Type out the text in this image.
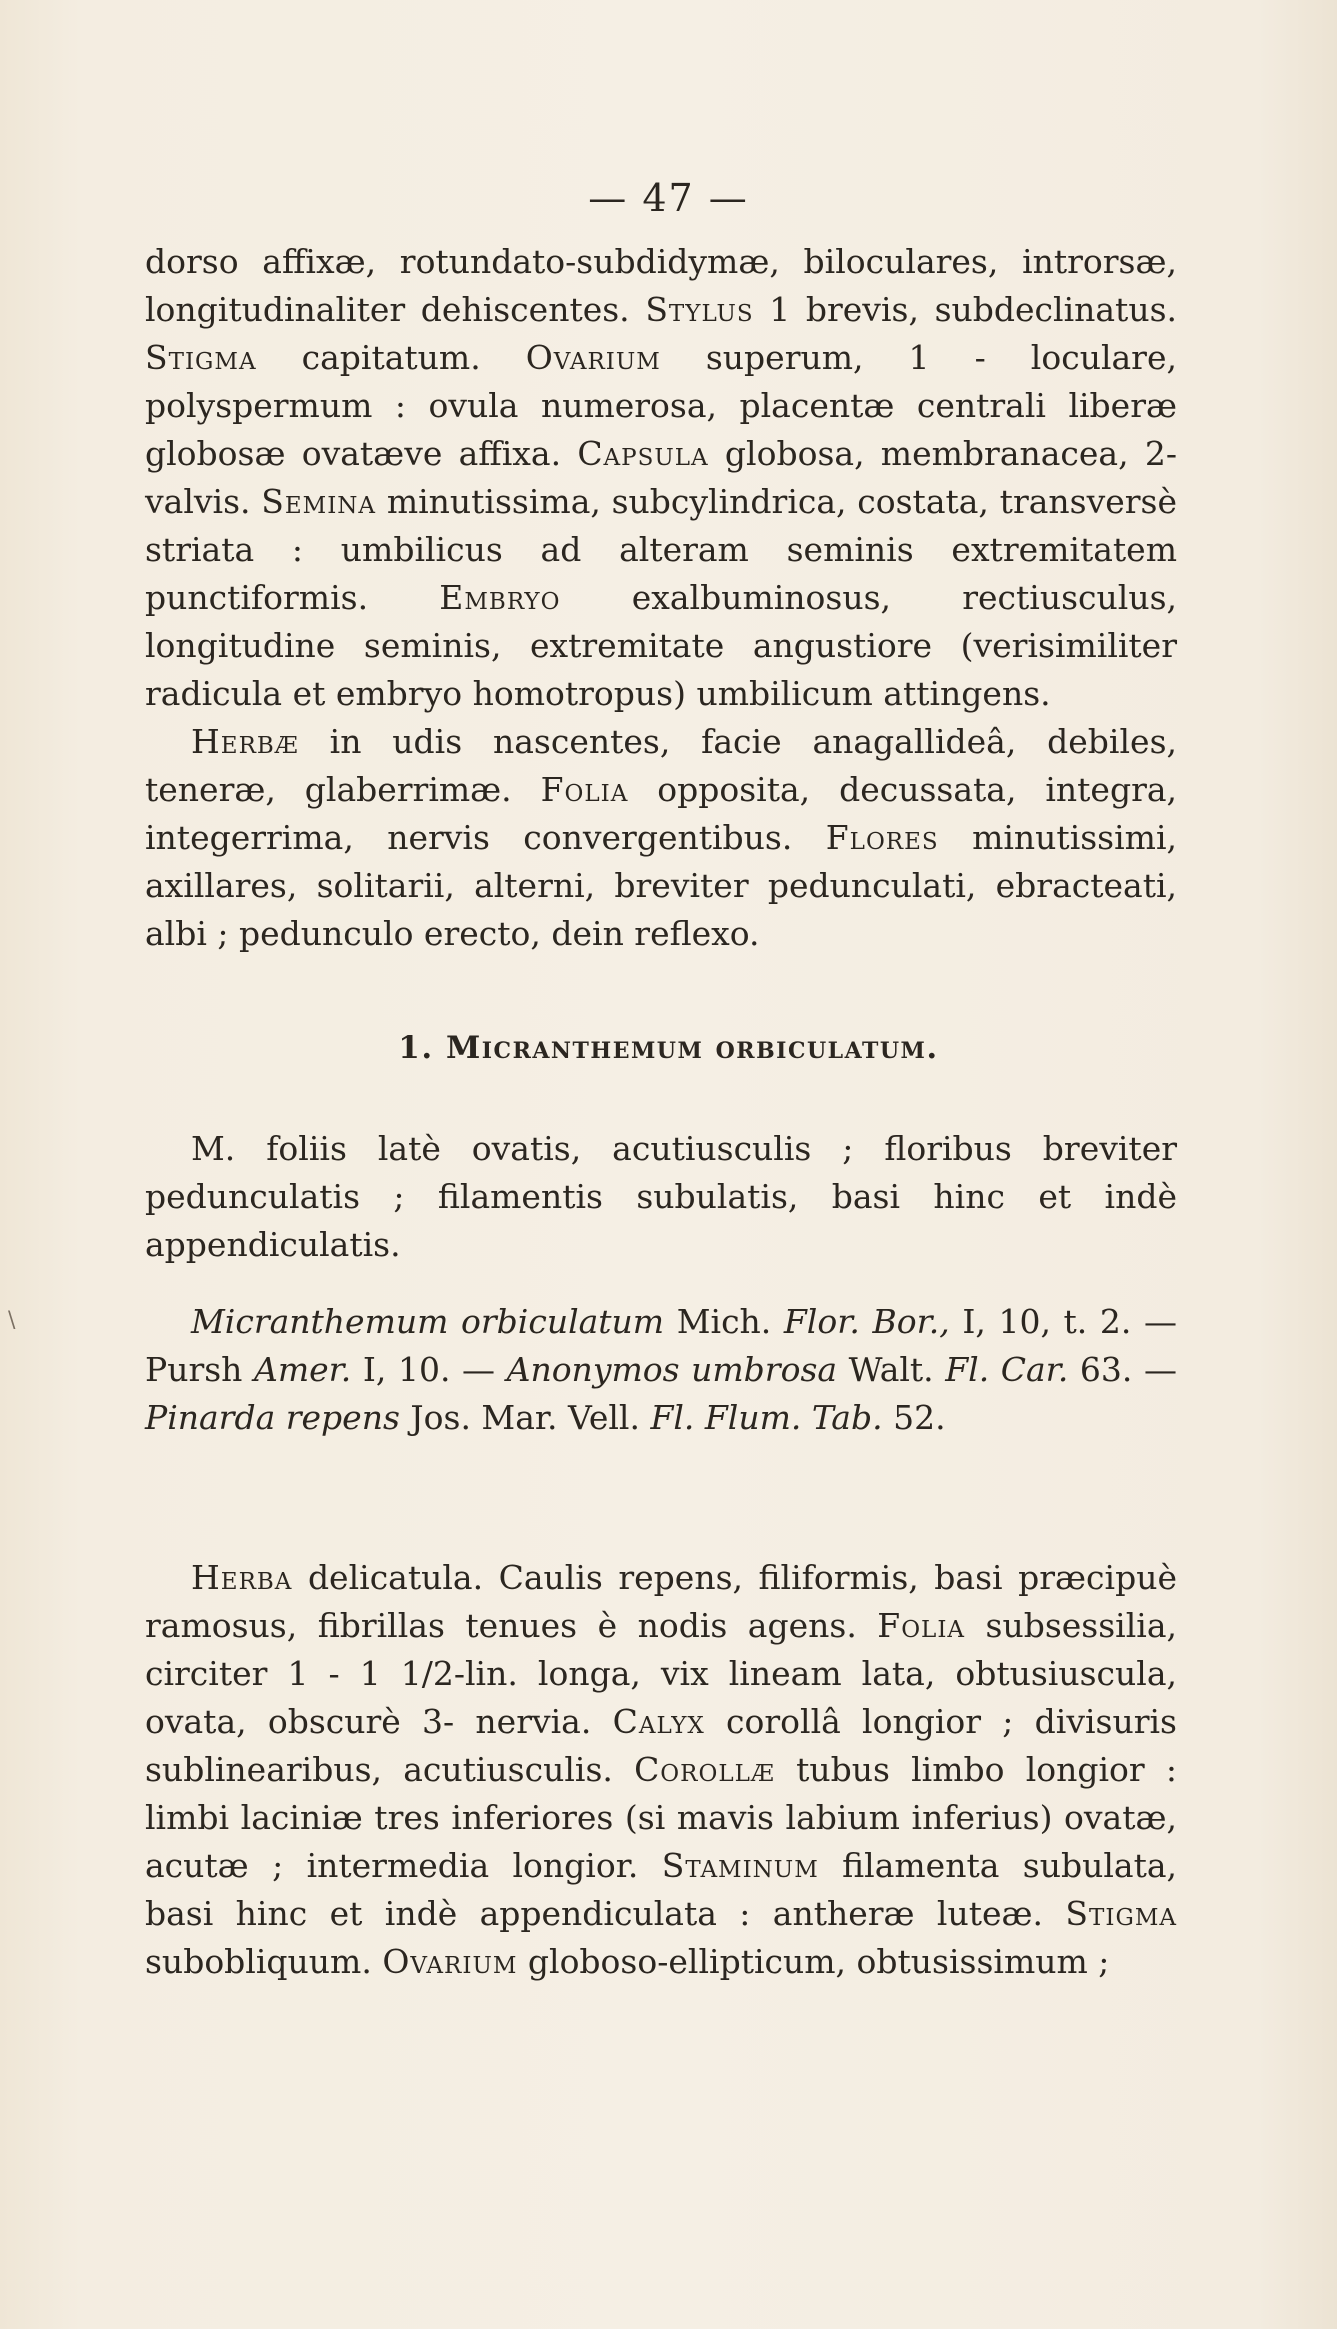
\
— 47 —

dorso affixæ, rotundato-subdidymæ, biloculares, introrsæ, longitudinaliter dehiscentes. Stylus 1 brevis, subdeclinatus. Stigma capitatum. Ovarium superum, 1 - loculare, polyspermum : ovula numerosa, placentæ centrali liberæ globosæ ovatæve affixa. Capsula globosa, membranacea, 2-valvis. Semina minutissima, subcylindrica, costata, transversè striata : umbilicus ad alteram seminis extremitatem punctiformis. Embryo exalbuminosus, rectiusculus, longitudine seminis, extremitate angustiore (verisimiliter radicula et embryo homotropus) umbilicum attingens.

Herbæ in udis nascentes, facie anagallideâ, debiles, teneræ, glaberrimæ. Folia opposita, decussata, integra, integerrima, nervis convergentibus. Flores minutissimi, axillares, solitarii, alterni, breviter pedunculati, ebracteati, albi ; pedunculo erecto, dein reflexo.

1. Micranthemum orbiculatum.

M. foliis latè ovatis, acutiusculis ; floribus breviter pedunculatis ; filamentis subulatis, basi hinc et indè appendiculatis.

Micranthemum orbiculatum Mich. Flor. Bor., I, 10, t. 2. — Pursh Amer. I, 10. — Anonymos umbrosa Walt. Fl. Car. 63. — Pinarda repens Jos. Mar. Vell. Fl. Flum. Tab. 52.

Herba delicatula. Caulis repens, filiformis, basi præcipuè ramosus, fibrillas tenues è nodis agens. Folia subsessilia, circiter 1 - 1 1/2-lin. longa, vix lineam lata, obtusiuscula, ovata, obscurè 3- nervia. Calyx corollâ longior ; divisuris sublinearibus, acutiusculis. Corollæ tubus limbo longior : limbi laciniæ tres inferiores (si mavis labium inferius) ovatæ, acutæ ; intermedia longior. Staminum filamenta subulata, basi hinc et indè appendiculata : antheræ luteæ. Stigma subobliquum. Ovarium globoso-ellipticum, obtusissimum ;
